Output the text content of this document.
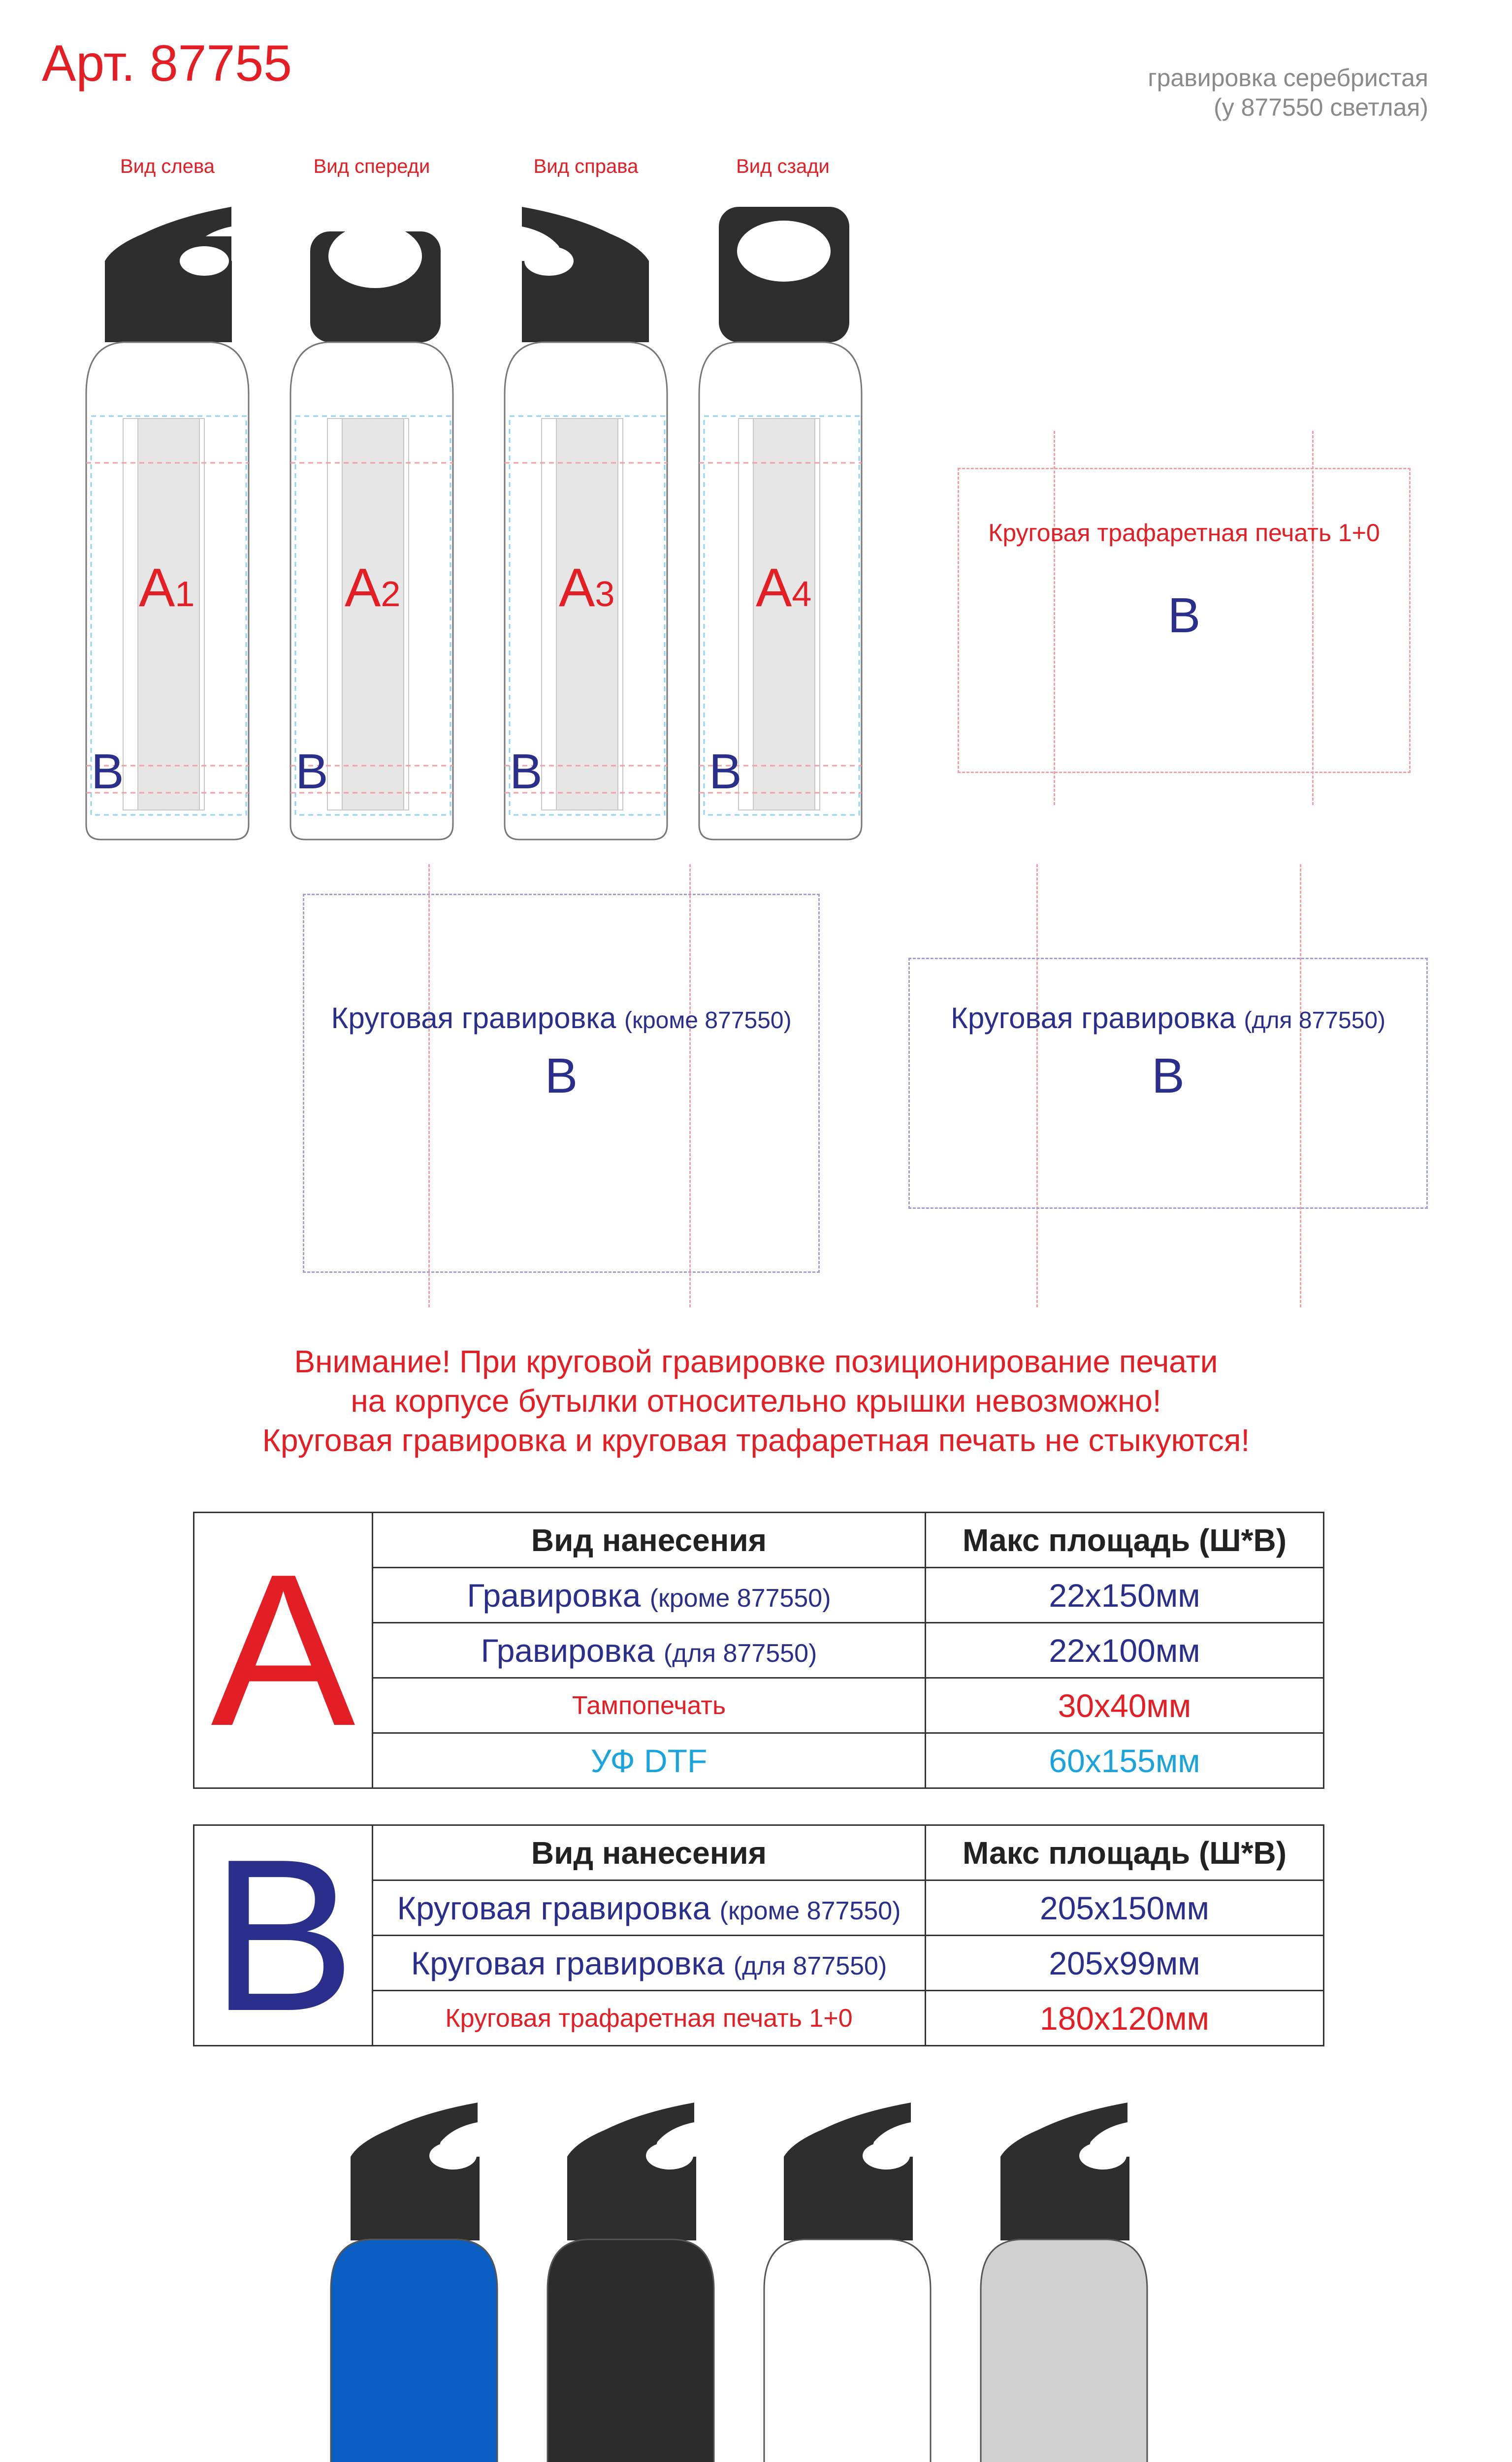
Арт. 87755	гравировка серебристая
(у 877550 светлая)
Вид слева	Вид спереди	Вид справа	Вид сзади
A1	A2	A3	A4
B	B	B	B
Круговая трафаретная печать 1+0
B
Круговая гравировка (кроме 877550)
B
Круговая гравировка (для 877550)
B
Внимание! При круговой гравировке позиционирование печати
на корпусе бутылки относительно крышки невозможно!
Круговая гравировка и круговая трафаретная печать не стыкуются!
A	Вид нанесения	Макс площадь (Ш*В)
	Гравировка (кроме 877550)	22х150мм
	Гравировка (для 877550)	22х100мм
	Тампопечать	30х40мм
	УФ DTF	60х155мм
B	Вид нанесения	Макс площадь (Ш*В)
	Круговая гравировка (кроме 877550)	205х150мм
	Круговая гравировка (для 877550)	205х99мм
	Круговая трафаретная печать 1+0	180х120мм
